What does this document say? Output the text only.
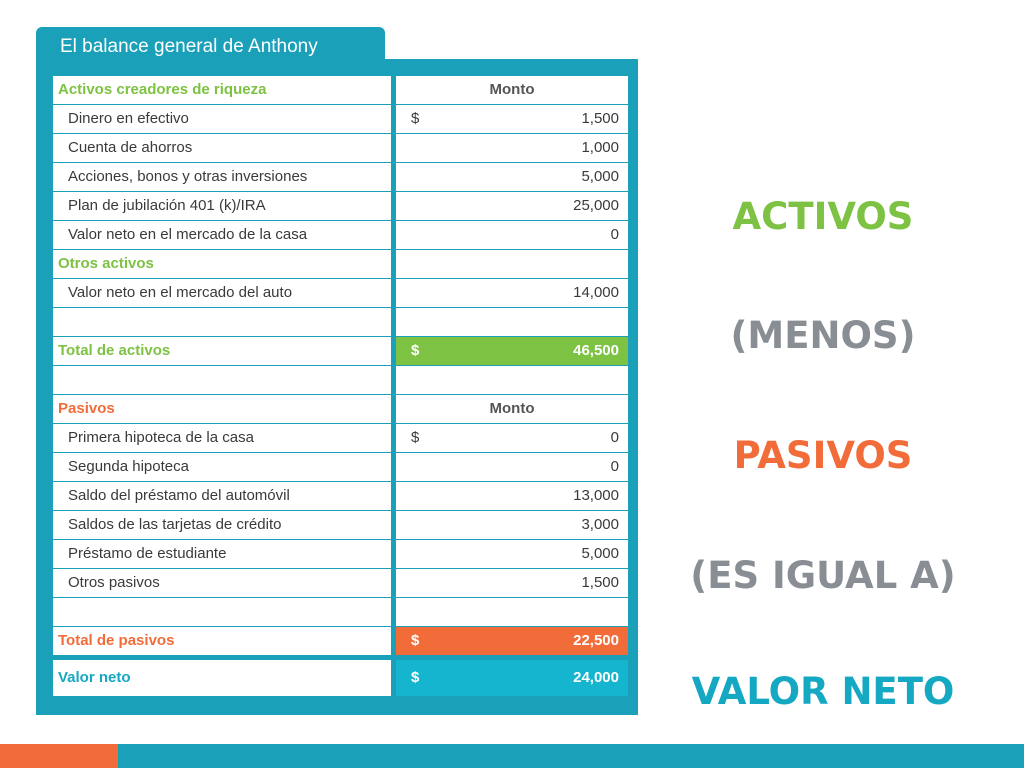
El balance general de Anthony
Activos creadores de riqueza	Monto
Dinero en efectivo	$	1,500
Cuenta de ahorros	1,000
Acciones, bonos y otras inversiones	5,000
Plan de jubilación 401 (k)/IRA	25,000
Valor neto en el mercado de la casa	0
Otros activos
Valor neto en el mercado del auto	14,000
Total de activos	$	46,500
Pasivos	Monto
Primera hipoteca de la casa	$	0
Segunda hipoteca	0
Saldo del préstamo del automóvil	13,000
Saldos de las tarjetas de crédito	3,000
Préstamo de estudiante	5,000
Otros pasivos	1,500
Total de pasivos	$	22,500
Valor neto	$	24,000
ACTIVOS
(MENOS)
PASIVOS
(ES IGUAL A)
VALOR NETO
